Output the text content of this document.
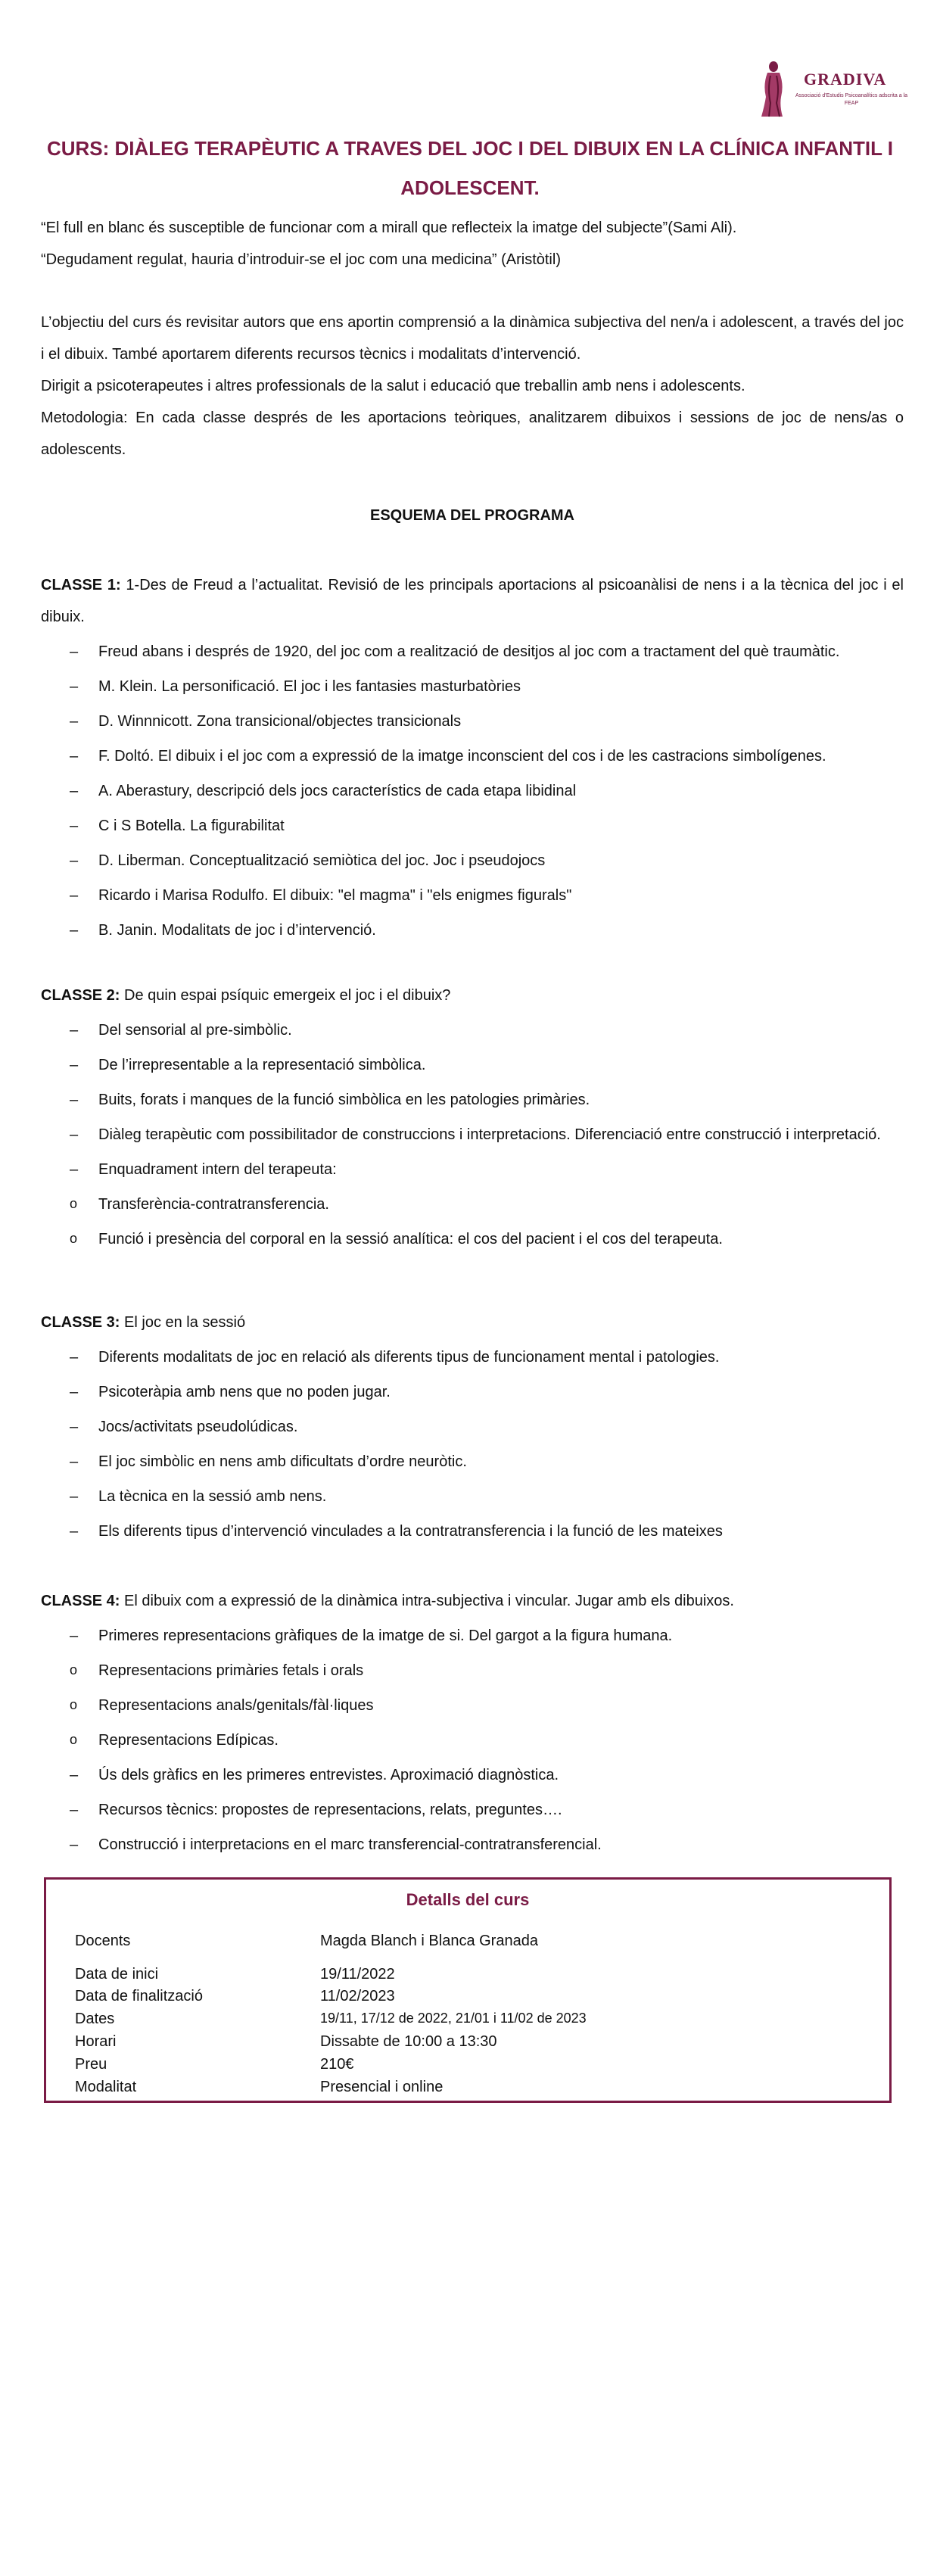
GRADIVA
Associació d'Estudis Psicoanalítics adscrita a la FEAP
CURS: DIÀLEG TERAPÈUTIC A TRAVES DEL JOC I DEL DIBUIX EN LA CLÍNICA INFANTIL I ADOLESCENT.
“El full en blanc és susceptible de funcionar com a mirall que reflecteix la imatge del subjecte”(Sami Ali).
“Degudament regulat, hauria d’introduir-se el joc com una medicina” (Aristòtil)
L’objectiu del curs és revisitar autors que ens aportin comprensió a la dinàmica subjectiva del nen/a i adolescent, a través del joc i el dibuix. També aportarem diferents recursos tècnics i modalitats d’intervenció.
Dirigit a psicoterapeutes i altres professionals de la salut i educació que treballin amb nens i adolescents.
Metodologia: En cada classe després de les aportacions teòriques, analitzarem dibuixos i sessions de joc de nens/as o adolescents.
ESQUEMA DEL PROGRAMA
CLASSE 1: 1-Des de Freud a l’actualitat. Revisió de les principals aportacions al psicoanàlisi de nens i a la tècnica del joc i el dibuix.
– Freud abans i després de 1920, del joc com a realització de desitjos al joc com a tractament del què traumàtic.
– M. Klein. La personificació. El joc i les fantasies masturbatòries
– D. Winnnicott. Zona transicional/objectes transicionals
– F. Doltó. El dibuix i el joc com a expressió de la imatge inconscient del cos i de les castracions simbolígenes.
– A. Aberastury, descripció dels jocs característics de cada etapa libidinal
– C i S Botella. La figurabilitat
– D. Liberman. Conceptualització semiòtica del joc. Joc i pseudojocs
– Ricardo i Marisa Rodulfo. El dibuix: "el magma" i "els enigmes figurals"
– B. Janin. Modalitats de joc i d’intervenció.
CLASSE 2: De quin espai psíquic emergeix el joc i el dibuix?
– Del sensorial al pre-simbòlic.
– De l’irrepresentable a la representació simbòlica.
– Buits, forats i manques de la funció simbòlica en les patologies primàries.
– Diàleg terapèutic com possibilitador de construccions i interpretacions. Diferenciació entre construcció i interpretació.
– Enquadrament intern del terapeuta:
o Transferència-contratransferencia.
o Funció i presència del corporal en la sessió analítica: el cos del pacient i el cos del terapeuta.
CLASSE 3: El joc en la sessió
– Diferents modalitats de joc en relació als diferents tipus de funcionament mental i patologies.
– Psicoteràpia amb nens que no poden jugar.
– Jocs/activitats pseudolúdicas.
– El joc simbòlic en nens amb dificultats d’ordre neuròtic.
– La tècnica en la sessió amb nens.
– Els diferents tipus d’intervenció vinculades a la contratransferencia i la funció de les mateixes
CLASSE 4: El dibuix com a expressió de la dinàmica intra-subjectiva i vincular. Jugar amb els dibuixos.
– Primeres representacions gràfiques de la imatge de si. Del gargot a la figura humana.
o Representacions primàries fetals i orals
o Representacions anals/genitals/fàl·liques
o Representacions Edípicas.
– Ús dels gràfics en les primeres entrevistes. Aproximació diagnòstica.
– Recursos tècnics: propostes de representacions, relats, preguntes….
– Construcció i interpretacions en el marc transferencial-contratransferencial.
Detalls del curs
Docents	Magda Blanch i Blanca Granada
Data de inici	19/11/2022
Data de finalització	11/02/2023
Dates	19/11, 17/12 de 2022, 21/01 i 11/02 de 2023
Horari	Dissabte de 10:00 a 13:30
Preu	210€
Modalitat	Presencial i online
